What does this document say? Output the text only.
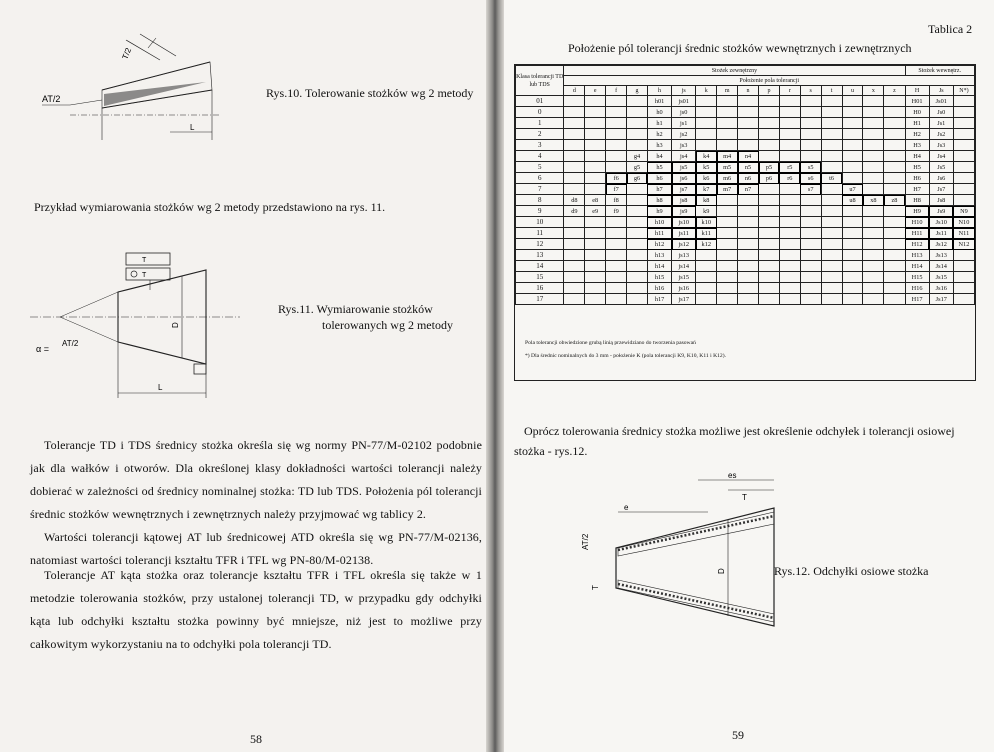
T/2
AT/2
L
Rys.10. Tolerowanie stożków wg 2 metody
Przykład wymiarowania stożków wg 2 metody przedstawiono na rys. 11.
T
T
α =
AT/2
D
L
Rys.11. Wymiarowanie stożków
tolerowanych wg 2 metody
Tolerancje TD i TDS średnicy stożka określa się wg normy PN-77/M-02102 podobnie jak dla wałków i otworów. Dla określonej klasy dokładności wartości tolerancji należy dobierać w zależności od średnicy nominalnej stożka: TD lub TDS. Położenia pól tolerancji średnic stożków wewnętrznych i zewnętrznych należy przyjmować wg tablicy 2.
Wartości tolerancji kątowej AT lub średnicowej ATD określa się wg PN-77/M-02136, natomiast wartości tolerancji kształtu TFR i TFL wg PN-80/M-02138.
Tolerancje AT kąta stożka oraz tolerancje kształtu TFR i TFL określa się także w 1 metodzie tolerowania stożków, przy ustalonej tolerancji TD, w przypadku gdy odchyłki kąta lub odchyłki kształtu stożka powinny być mniejsze, niż jest to możliwe przy całkowitym wykorzystaniu na to odchyłki pola tolerancji TD.
58
Tablica 2
Położenie pól tolerancji średnic stożków wewnętrznych i zewnętrznych
Klasa tolerancji TD lub TDS	Stożek zewnętrzny																Stożek wewnętrz.		
	Położenie pola tolerancji																		
	d	e	f	g	h	js	k	m	n	p	r	s	t	u	x	z	H	Js	N*)
01					h01	js01											H01	Js01	
0					h0	js0											H0	Js0	
1					h1	js1											H1	Js1	
2					h2	js2											H2	Js2	
3					h3	js3											H3	Js3	
4				g4	h4	js4	k4	m4	n4								H4	Js4	
5				g5	h5	js5	k5	m5	n5	p5	r5	s5					H5	Js5	
6			f6	g6	h6	js6	k6	m6	n6	p6	r6	s6	t6				H6	Js6	
7			f7		h7	js7	k7	m7	n7			s7		u7			H7	Js7	
8	d8	e8	f8		h8	js8	k8							u8	x8	z8	H8	Js8	
9	d9	e9	f9		h9	js9	k9										H9	Js9	N9
10					h10	js10	k10										H10	Js10	N10
11					h11	js11	k11										H11	Js11	N11
12					h12	js12	k12										H12	Js12	N12
13					h13	js13											H13	Js13	
14					h14	js14											H14	Js14	
15					h15	js15											H15	Js15	
16					h16	js16											H16	Js16	
17					h17	js17											H17	Js17	
Pola tolerancji obwiedzione grubą linią przewidziano do tworzenia pasowań
*) Dla średnic nominalnych do 3 mm - położenie K (pola tolerancji K9, K10, K11 i K12).
Oprócz tolerowania średnicy stożka możliwe jest określenie odchyłek i tolerancji osiowej
stożka - rys.12.
es
T
e
D
AT/2
T
Rys.12. Odchyłki osiowe stożka
59
